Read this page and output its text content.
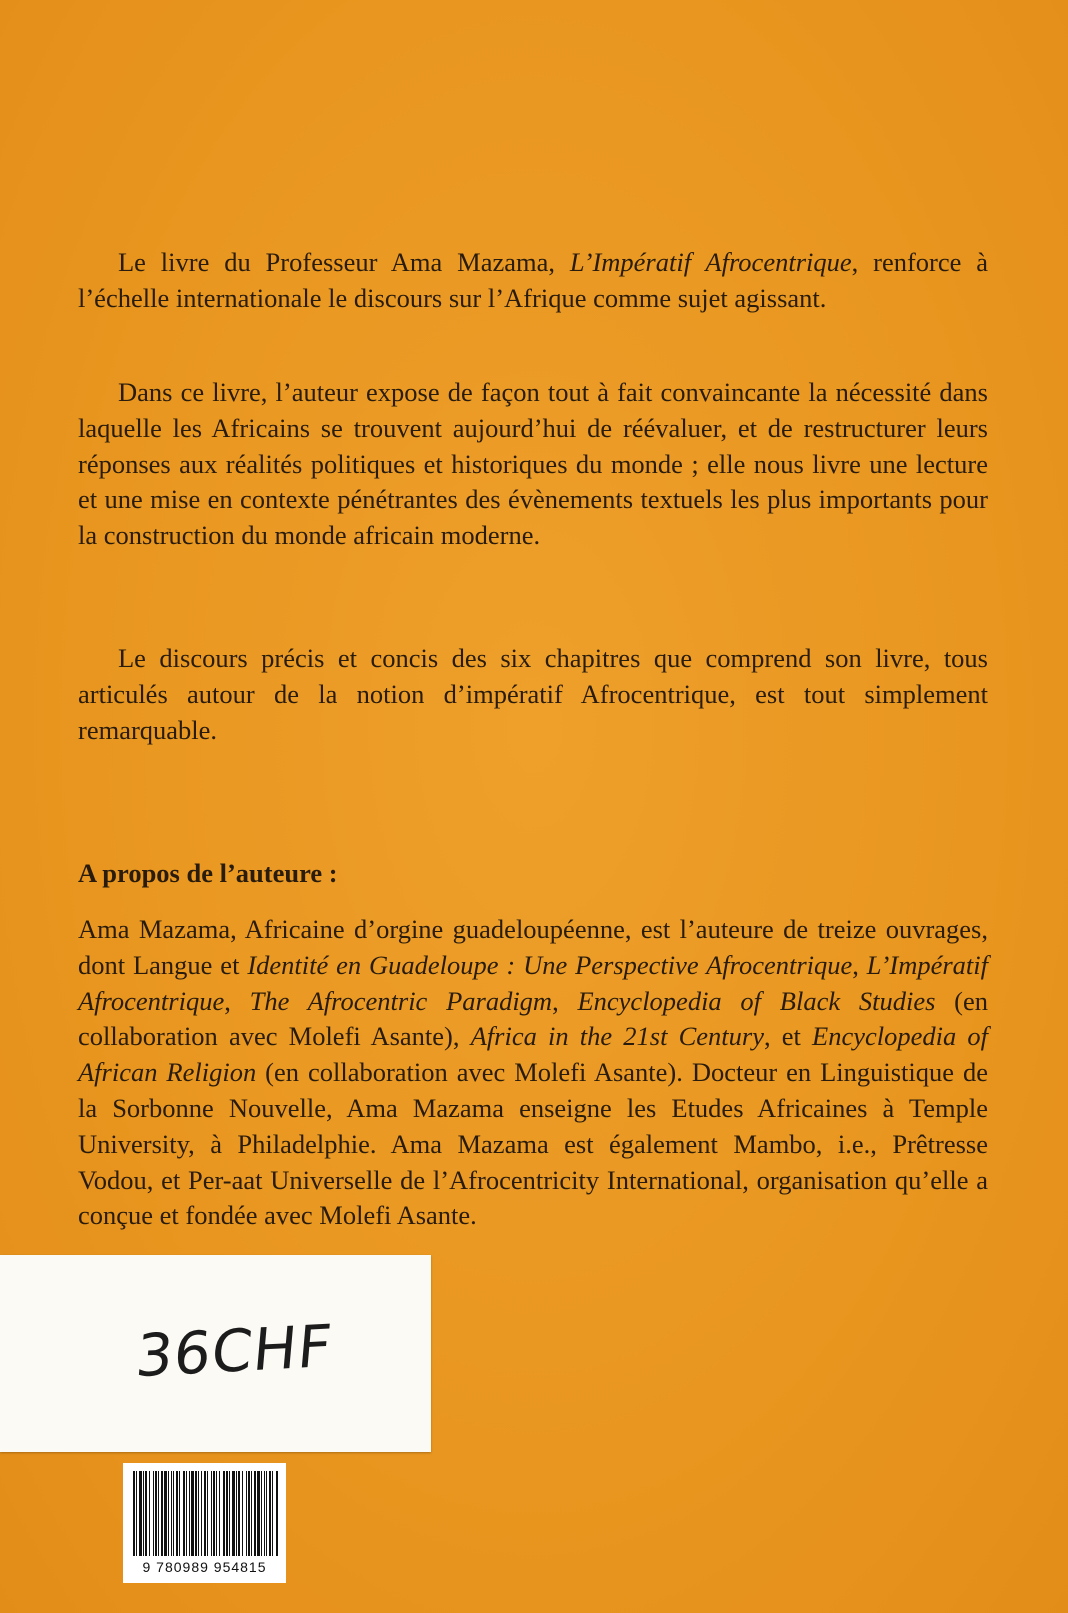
Le livre du Professeur Ama Mazama, L’Impératif Afrocentrique, renforce à l’échelle internationale le discours sur l’Afrique comme sujet agissant.

Dans ce livre, l’auteur expose de façon tout à fait convaincante la nécessité dans laquelle les Africains se trouvent aujourd’hui de réévaluer, et de restructurer leurs réponses aux réalités politiques et historiques du monde ; elle nous livre une lecture et une mise en contexte pénétrantes des évènements textuels les plus importants pour la construction du monde africain moderne.

Le discours précis et concis des six chapitres que comprend son livre, tous articulés autour de la notion d’impératif Afrocentrique, est tout simplement remarquable.

A propos de l’auteure :

Ama Mazama, Africaine d’orgine guadeloupéenne, est l’auteure de treize ouvrages, dont Langue et Identité en Guadeloupe : Une Perspective Afrocentrique, L’Impératif Afrocentrique, The Afrocentric Paradigm, Encyclopedia of Black Studies (en collaboration avec Molefi Asante), Africa in the 21st Century, et Encyclopedia of African Religion (en collaboration avec Molefi Asante). Docteur en Linguistique de la Sorbonne Nouvelle, Ama Mazama enseigne les Etudes Africaines à Temple University, à Philadelphie. Ama Mazama est également Mambo, i.e., Prêtresse Vodou, et Per-aat Universelle de l’Afrocentricity International, organisation qu’elle a conçue et fondée avec Molefi Asante.

36CHF
9 780989 954815
